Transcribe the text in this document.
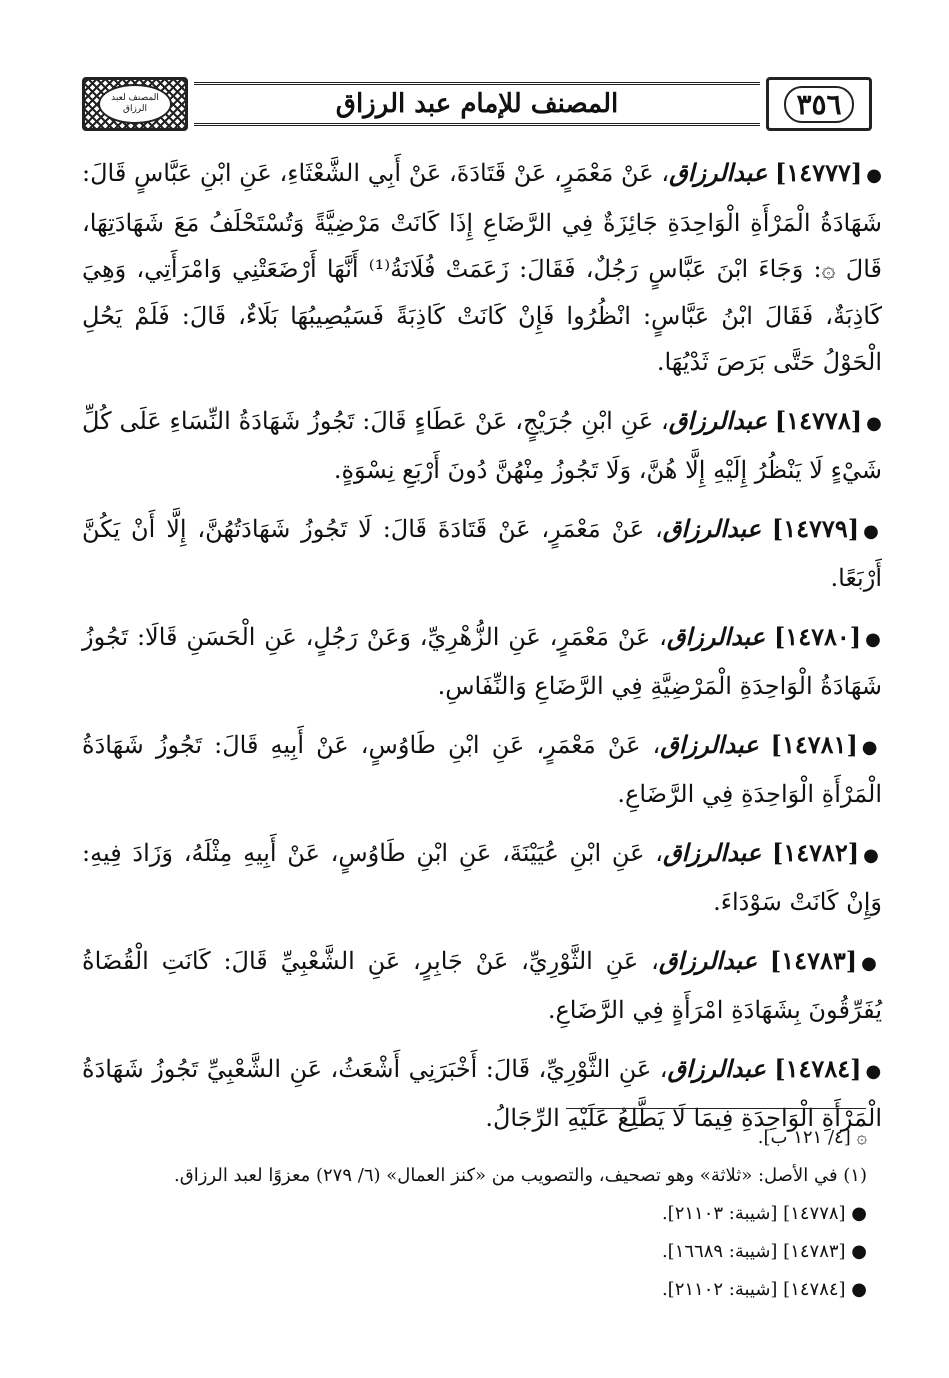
المصنف لعبد الرزاق	المصنف للإمام عبد الرزاق	٣٥٦

●[١٤٧٧٧] عبدالرزاق، عَنْ مَعْمَرٍ، عَنْ قَتَادَةَ، عَنْ أَبِي الشَّعْثَاءِ، عَنِ ابْنِ عَبَّاسٍ قَالَ: شَهَادَةُ الْمَرْأَةِ الْوَاحِدَةِ جَائِزَةٌ فِي الرَّضَاعِ إِذَا كَانَتْ مَرْضِيَّةً وَتُسْتَحْلَفُ مَعَ شَهَادَتِهَا، قَالَ ۞: وَجَاءَ ابْنَ عَبَّاسٍ رَجُلٌ، فَقَالَ: زَعَمَتْ فُلَانَةُ⁽¹⁾ أَنَّهَا أَرْضَعَتْنِي وَامْرَأَتِي، وَهِيَ كَاذِبَةٌ، فَقَالَ ابْنُ عَبَّاسٍ: انْظُرُوا فَإِنْ كَانَتْ كَاذِبَةً فَسَيُصِيبُهَا بَلَاءٌ، قَالَ: فَلَمْ يَحُلِ الْحَوْلُ حَتَّى بَرَصَ ثَدْيُهَا.

●[١٤٧٧٨] عبدالرزاق، عَنِ ابْنِ جُرَيْجٍ، عَنْ عَطَاءٍ قَالَ: تَجُوزُ شَهَادَةُ النِّسَاءِ عَلَى كُلِّ شَيْءٍ لَا يَنْظُرُ إِلَيْهِ إِلَّا هُنَّ، وَلَا تَجُوزُ مِنْهُنَّ دُونَ أَرْبَعِ نِسْوَةٍ.

●[١٤٧٧٩] عبدالرزاق، عَنْ مَعْمَرٍ، عَنْ قَتَادَةَ قَالَ: لَا تَجُوزُ شَهَادَتُهُنَّ، إِلَّا أَنْ يَكُنَّ أَرْبَعًا.

●[١٤٧٨٠] عبدالرزاق، عَنْ مَعْمَرٍ، عَنِ الزُّهْرِيِّ، وَعَنْ رَجُلٍ، عَنِ الْحَسَنِ قَالَا: تَجُوزُ شَهَادَةُ الْوَاحِدَةِ الْمَرْضِيَّةِ فِي الرَّضَاعِ وَالنِّفَاسِ.

●[١٤٧٨١] عبدالرزاق، عَنْ مَعْمَرٍ، عَنِ ابْنِ طَاوُسٍ، عَنْ أَبِيهِ قَالَ: تَجُوزُ شَهَادَةُ الْمَرْأَةِ الْوَاحِدَةِ فِي الرَّضَاعِ.

●[١٤٧٨٢] عبدالرزاق، عَنِ ابْنِ عُيَيْنَةَ، عَنِ ابْنِ طَاوُسٍ، عَنْ أَبِيهِ مِثْلَهُ، وَزَادَ فِيهِ: وَإِنْ كَانَتْ سَوْدَاءَ.

●[١٤٧٨٣] عبدالرزاق، عَنِ الثَّوْرِيِّ، عَنْ جَابِرٍ، عَنِ الشَّعْبِيِّ قَالَ: كَانَتِ الْقُضَاةُ يُفَرِّقُونَ بِشَهَادَةِ امْرَأَةٍ فِي الرَّضَاعِ.

●[١٤٧٨٤] عبدالرزاق، عَنِ الثَّوْرِيِّ، قَالَ: أَخْبَرَنِي أَشْعَثُ، عَنِ الشَّعْبِيِّ تَجُوزُ شَهَادَةُ الْمَرْأَةِ الْوَاحِدَةِ فِيمَا لَا يَطَّلِعُ عَلَيْهِ الرِّجَالُ.

۞ [٤/ ١٢١ ب].
(١) في الأصل: «ثلاثة» وهو تصحيف، والتصويب من «كنز العمال» (٦/ ٢٧٩) معزوًا لعبد الرزاق.
● [١٤٧٧٨] [شيبة: ٢١١٠٣].
● [١٤٧٨٣] [شيبة: ١٦٦٨٩].
● [١٤٧٨٤] [شيبة: ٢١١٠٢].
